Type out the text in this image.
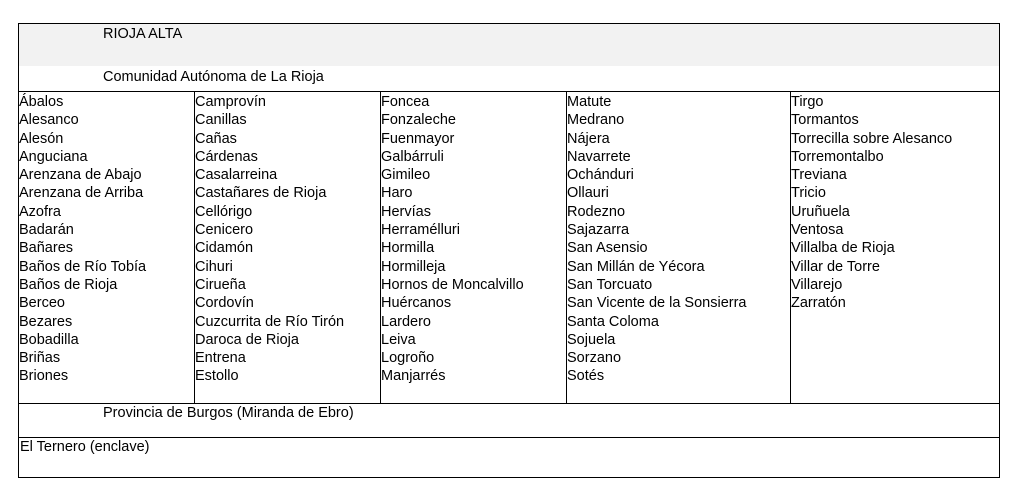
RIOJA ALTA
Comunidad Autónoma de La Rioja
Ábalos
Alesanco
Alesón
Anguciana
Arenzana de Abajo
Arenzana de Arriba
Azofra
Badarán
Bañares
Baños de Río Tobía
Baños de Rioja
Berceo
Bezares
Bobadilla
Briñas
Briones
Camprovín
Canillas
Cañas
Cárdenas
Casalarreina
Castañares de Rioja
Cellórigo
Cenicero
Cidamón
Cihuri
Cirueña
Cordovín
Cuzcurrita de Río Tirón
Daroca de Rioja
Entrena
Estollo
Foncea
Fonzaleche
Fuenmayor
Galbárruli
Gimileo
Haro
Hervías
Herramélluri
Hormilla
Hormilleja
Hornos de Moncalvillo
Huércanos
Lardero
Leiva
Logroño
Manjarrés
Matute
Medrano
Nájera
Navarrete
Ochánduri
Ollauri
Rodezno
Sajazarra
San Asensio
San Millán de Yécora
San Torcuato
San Vicente de la Sonsierra
Santa Coloma
Sojuela
Sorzano
Sotés
Tirgo
Tormantos
Torrecilla sobre Alesanco
Torremontalbo
Treviana
Tricio
Uruñuela
Ventosa
Villalba de Rioja
Villar de Torre
Villarejo
Zarratón
Provincia de Burgos (Miranda de Ebro)
El Ternero (enclave)
